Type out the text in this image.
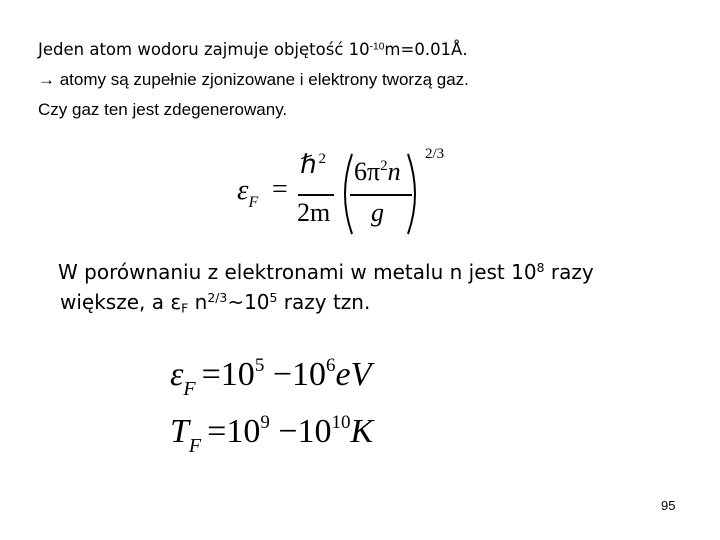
Jeden atom wodoru zajmuje objętość $10^{-10}m=0.01Å$.
→ atomy są zupełnie zjonizowane i elektrony tworzą gaz.
Czy gaz ten jest zdegenerowany.
$\varepsilon_F$ =
ℏ $^2$
2m
$6\pi^2n$
g
2/3
W porównaniu z elektronami w metalu n jest $10^8$ razy
większe, a $\varepsilon_F$ $n^{2/3}\sim 10^5$ razy tzn.
$\varepsilon_F =10^5 -10^6eV$
$T_F =10^9 -10^{10}K$
95
